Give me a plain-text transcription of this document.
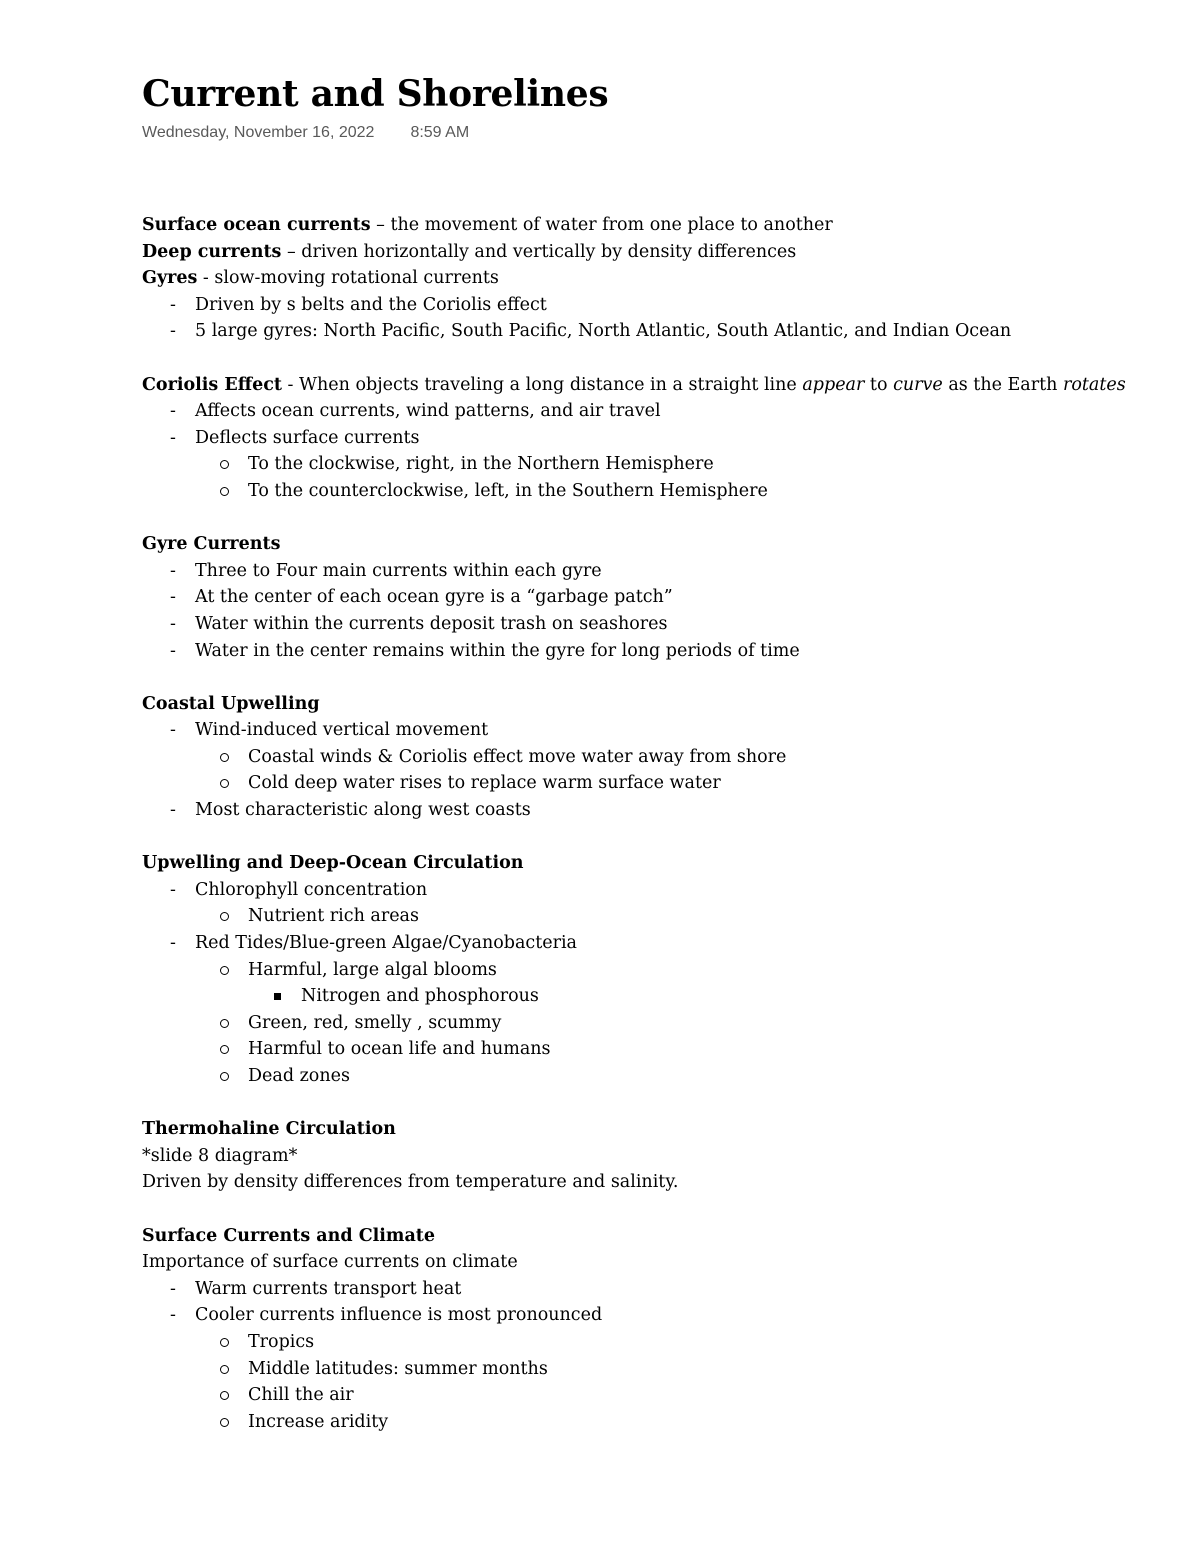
Current and Shorelines
Wednesday, November 16, 2022 8:59 AM
Surface ocean currents – the movement of water from one place to another
Deep currents – driven horizontally and vertically by density differences
Gyres - slow-moving rotational currents
- Driven by s belts and the Coriolis effect
- 5 large gyres: North Pacific, South Pacific, North Atlantic, South Atlantic, and Indian Ocean
Coriolis Effect - When objects traveling a long distance in a straight line appear to curve as the Earth rotates
- Affects ocean currents, wind patterns, and air travel
- Deflects surface currents
To the clockwise, right, in the Northern Hemisphere
To the counterclockwise, left, in the Southern Hemisphere
Gyre Currents
- Three to Four main currents within each gyre
- At the center of each ocean gyre is a “garbage patch”
- Water within the currents deposit trash on seashores
- Water in the center remains within the gyre for long periods of time
Coastal Upwelling
- Wind-induced vertical movement
Coastal winds & Coriolis effect move water away from shore
Cold deep water rises to replace warm surface water
- Most characteristic along west coasts
Upwelling and Deep-Ocean Circulation
- Chlorophyll concentration
Nutrient rich areas
- Red Tides/Blue-green Algae/Cyanobacteria
Harmful, large algal blooms
Nitrogen and phosphorous
Green, red, smelly , scummy
Harmful to ocean life and humans
Dead zones
Thermohaline Circulation
*slide 8 diagram*
Driven by density differences from temperature and salinity.
Surface Currents and Climate
Importance of surface currents on climate
- Warm currents transport heat
- Cooler currents influence is most pronounced
Tropics
Middle latitudes: summer months
Chill the air
Increase aridity
